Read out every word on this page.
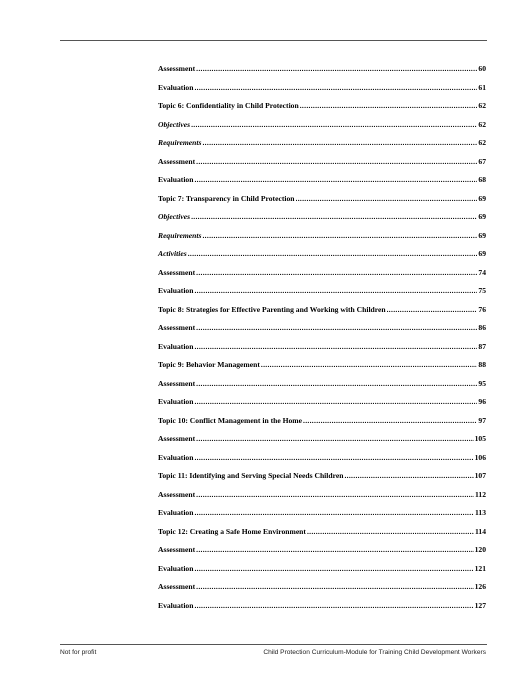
Assessment .....	60
Evaluation .....	61
Topic 6: Confidentiality in Child Protection .....	62
Objectives .....	62
Requirements .....	62
Assessment .....	67
Evaluation .....	68
Topic 7: Transparency in Child Protection .....	69
Objectives .....	69
Requirements .....	69
Activities .....	69
Assessment .....	74
Evaluation .....	75
Topic 8: Strategies for Effective Parenting and Working with Children .....	76
Assessment .....	86
Evaluation .....	87
Topic 9: Behavior Management .....	88
Assessment .....	95
Evaluation .....	96
Topic 10: Conflict Management in the Home .....	97
Assessment .....	105
Evaluation .....	106
Topic 11: Identifying and Serving Special Needs Children .....	107
Assessment .....	112
Evaluation .....	113
Topic 12: Creating a Safe Home Environment .....	114
Assessment .....	120
Evaluation .....	121
Assessment .....	126
Evaluation .....	127
Not for profit	Child Protection Curriculum-Module for Training Child Development Workers
